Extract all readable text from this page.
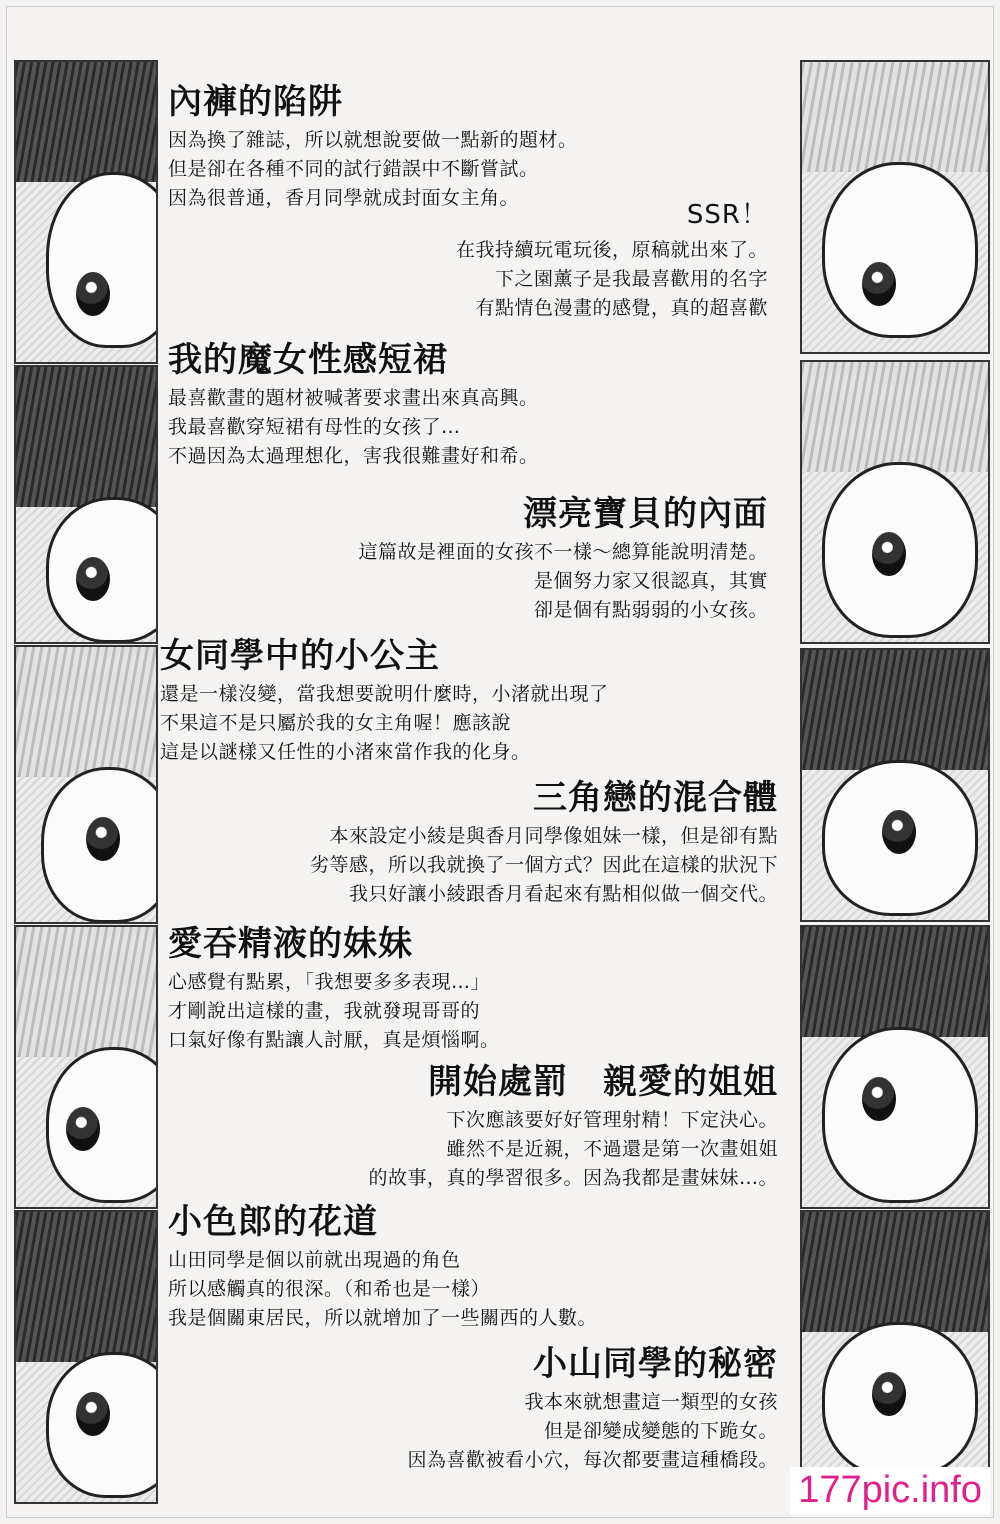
內褲的陷阱
因為換了雜誌，所以就想說要做一點新的題材。
但是卻在各種不同的試行錯誤中不斷嘗試。
因為很普通，香月同學就成封面女主角。
SSR！
在我持續玩電玩後，原稿就出來了。
下之園薰子是我最喜歡用的名字
有點情色漫畫的感覺，真的超喜歡
我的魔女性感短裙
最喜歡畫的題材被喊著要求畫出來真高興。
我最喜歡穿短裙有母性的女孩了…
不過因為太過理想化，害我很難畫好和希。
漂亮寶貝的內面
這篇故是裡面的女孩不一樣～總算能說明清楚。
是個努力家又很認真，其實
卻是個有點弱弱的小女孩。
女同學中的小公主
還是一樣沒變，當我想要說明什麼時，小渚就出現了
不果這不是只屬於我的女主角喔！應該說
這是以謎樣又任性的小渚來當作我的化身。
三角戀的混合體
本來設定小綾是與香月同學像姐妹一樣，但是卻有點
劣等感，所以我就換了一個方式？因此在這樣的狀況下
我只好讓小綾跟香月看起來有點相似做一個交代。
愛吞精液的妹妹
心感覺有點累，「我想要多多表現…」
才剛說出這樣的畫，我就發現哥哥的
口氣好像有點讓人討厭，真是煩惱啊。
開始處罰　親愛的姐姐
下次應該要好好管理射精！下定決心。
雖然不是近親，不過還是第一次畫姐姐
的故事，真的學習很多。因為我都是畫妹妹…。
小色郎的花道
山田同學是個以前就出現過的角色
所以感觸真的很深。（和希也是一樣）
我是個關東居民，所以就增加了一些關西的人數。
小山同學的秘密
我本來就想畫這一類型的女孩
但是卻變成變態的下跪女。
因為喜歡被看小穴，每次都要畫這種橋段。
177pic.info
